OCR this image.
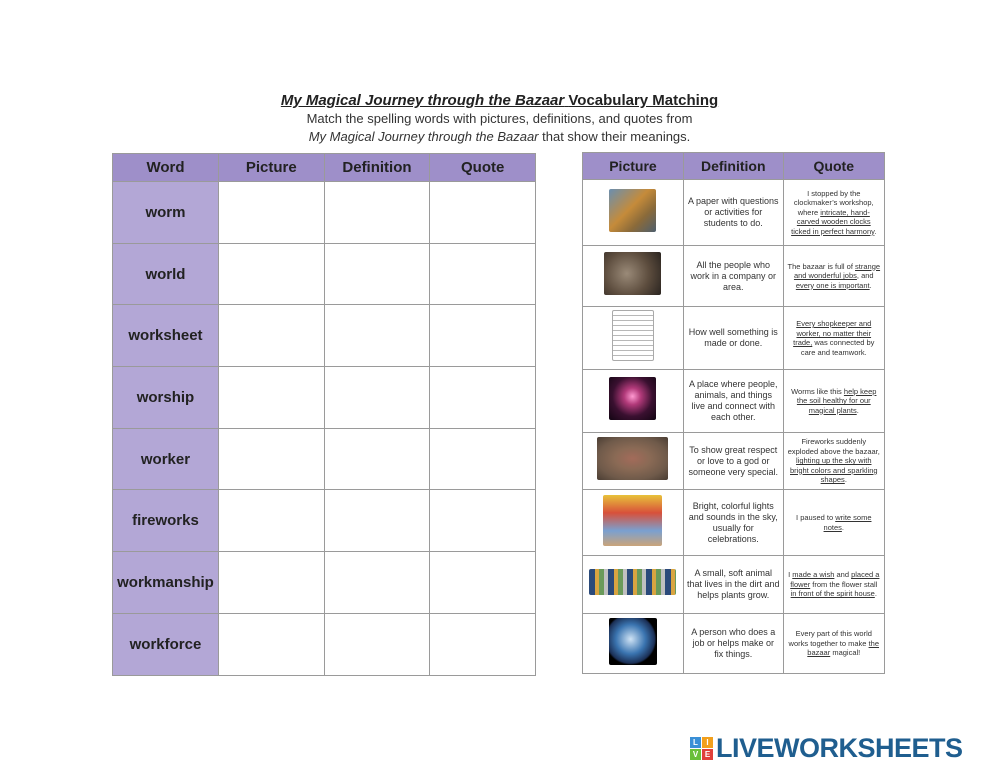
My Magical Journey through the Bazaar Vocabulary Matching
Match the spelling words with pictures, definitions, and quotes from
My Magical Journey through the Bazaar that show their meanings.
Word	Picture	Definition	Quote
worm			
world			
worksheet			
worship			
worker			
fireworks			
workmanship			
workforce			
Picture	Definition	Quote
	A paper with questions or activities for students to do.	I stopped by the clockmaker’s workshop, where intricate, hand-carved wooden clocks ticked in perfect harmony.
	All the people who work in a company or area.	The bazaar is full of strange and wonderful jobs, and every one is important.
	How well something is made or done.	Every shopkeeper and worker, no matter their trade, was connected by care and teamwork.
	A place where people, animals, and things live and connect with each other.	Worms like this help keep the soil healthy for our magical plants.
	To show great respect or love to a god or someone very special.	Fireworks suddenly exploded above the bazaar, lighting up the sky with bright colors and sparkling shapes.
	Bright, colorful lights and sounds in the sky, usually for celebrations.	I paused to write some notes.
	A small, soft animal that lives in the dirt and helps plants grow.	I made a wish and placed a flower from the flower stall in front of the spirit house.
	A person who does a job or helps make or fix things.	Every part of this world works together to make the bazaar magical!
L	I
V E LIVEWORKSHEETS
